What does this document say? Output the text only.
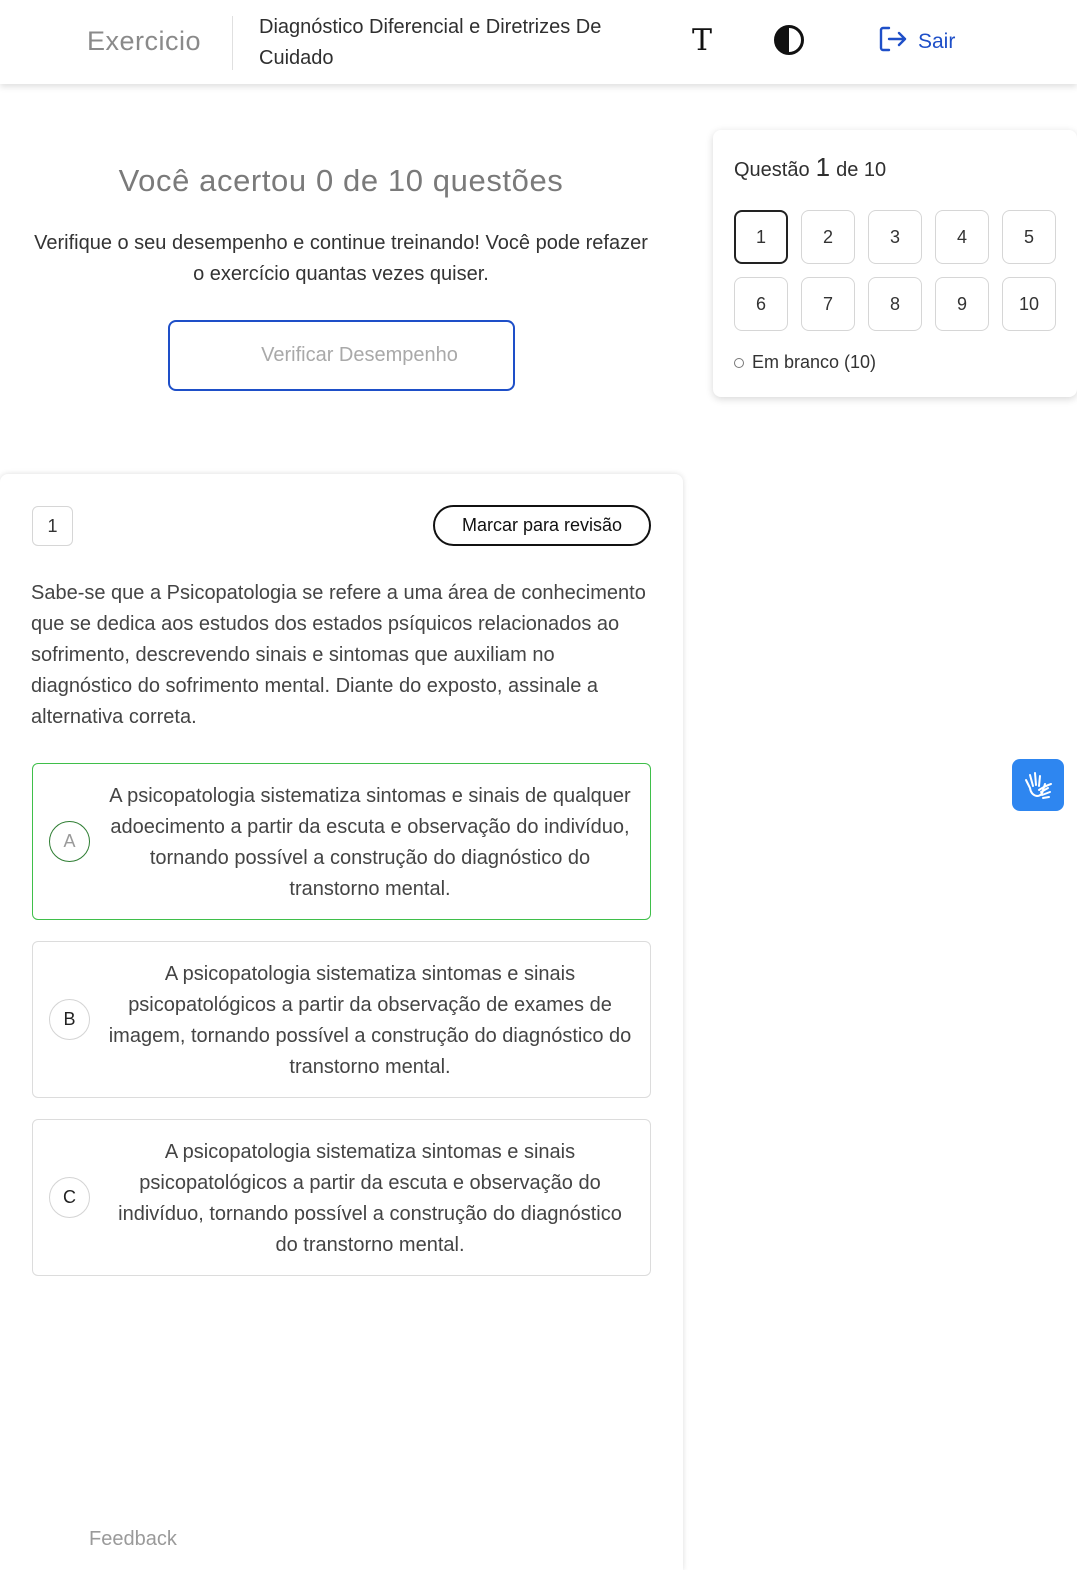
Exercicio	Diagnóstico Diferencial e Diretrizes De Cuidado
T	Sair
Você acertou 0 de 10 questões

Verifique o seu desempenho e continue treinando! Você pode refazer o exercício quantas vezes quiser.

Verificar Desempenho
Questão 1 de 10
1	2	3	4	5
6	7	8	9	10
Em branco (10)
1	Marcar para revisão

Sabe-se que a Psicopatologia se refere a uma área de conhecimento que se dedica aos estudos dos estados psíquicos relacionados ao sofrimento, descrevendo sinais e sintomas que auxiliam no diagnóstico do sofrimento mental. Diante do exposto, assinale a alternativa correta.

A
A psicopatologia sistematiza sintomas e sinais de qualquer adoecimento a partir da escuta e observação do indivíduo, tornando possível a construção do diagnóstico do transtorno mental.
B
A psicopatologia sistematiza sintomas e sinais psicopatológicos a partir da observação de exames de imagem, tornando possível a construção do diagnóstico do transtorno mental.
C
A psicopatologia sistematiza sintomas e sinais psicopatológicos a partir da escuta e observação do indivíduo, tornando possível a construção do diagnóstico do transtorno mental.
Feedback
